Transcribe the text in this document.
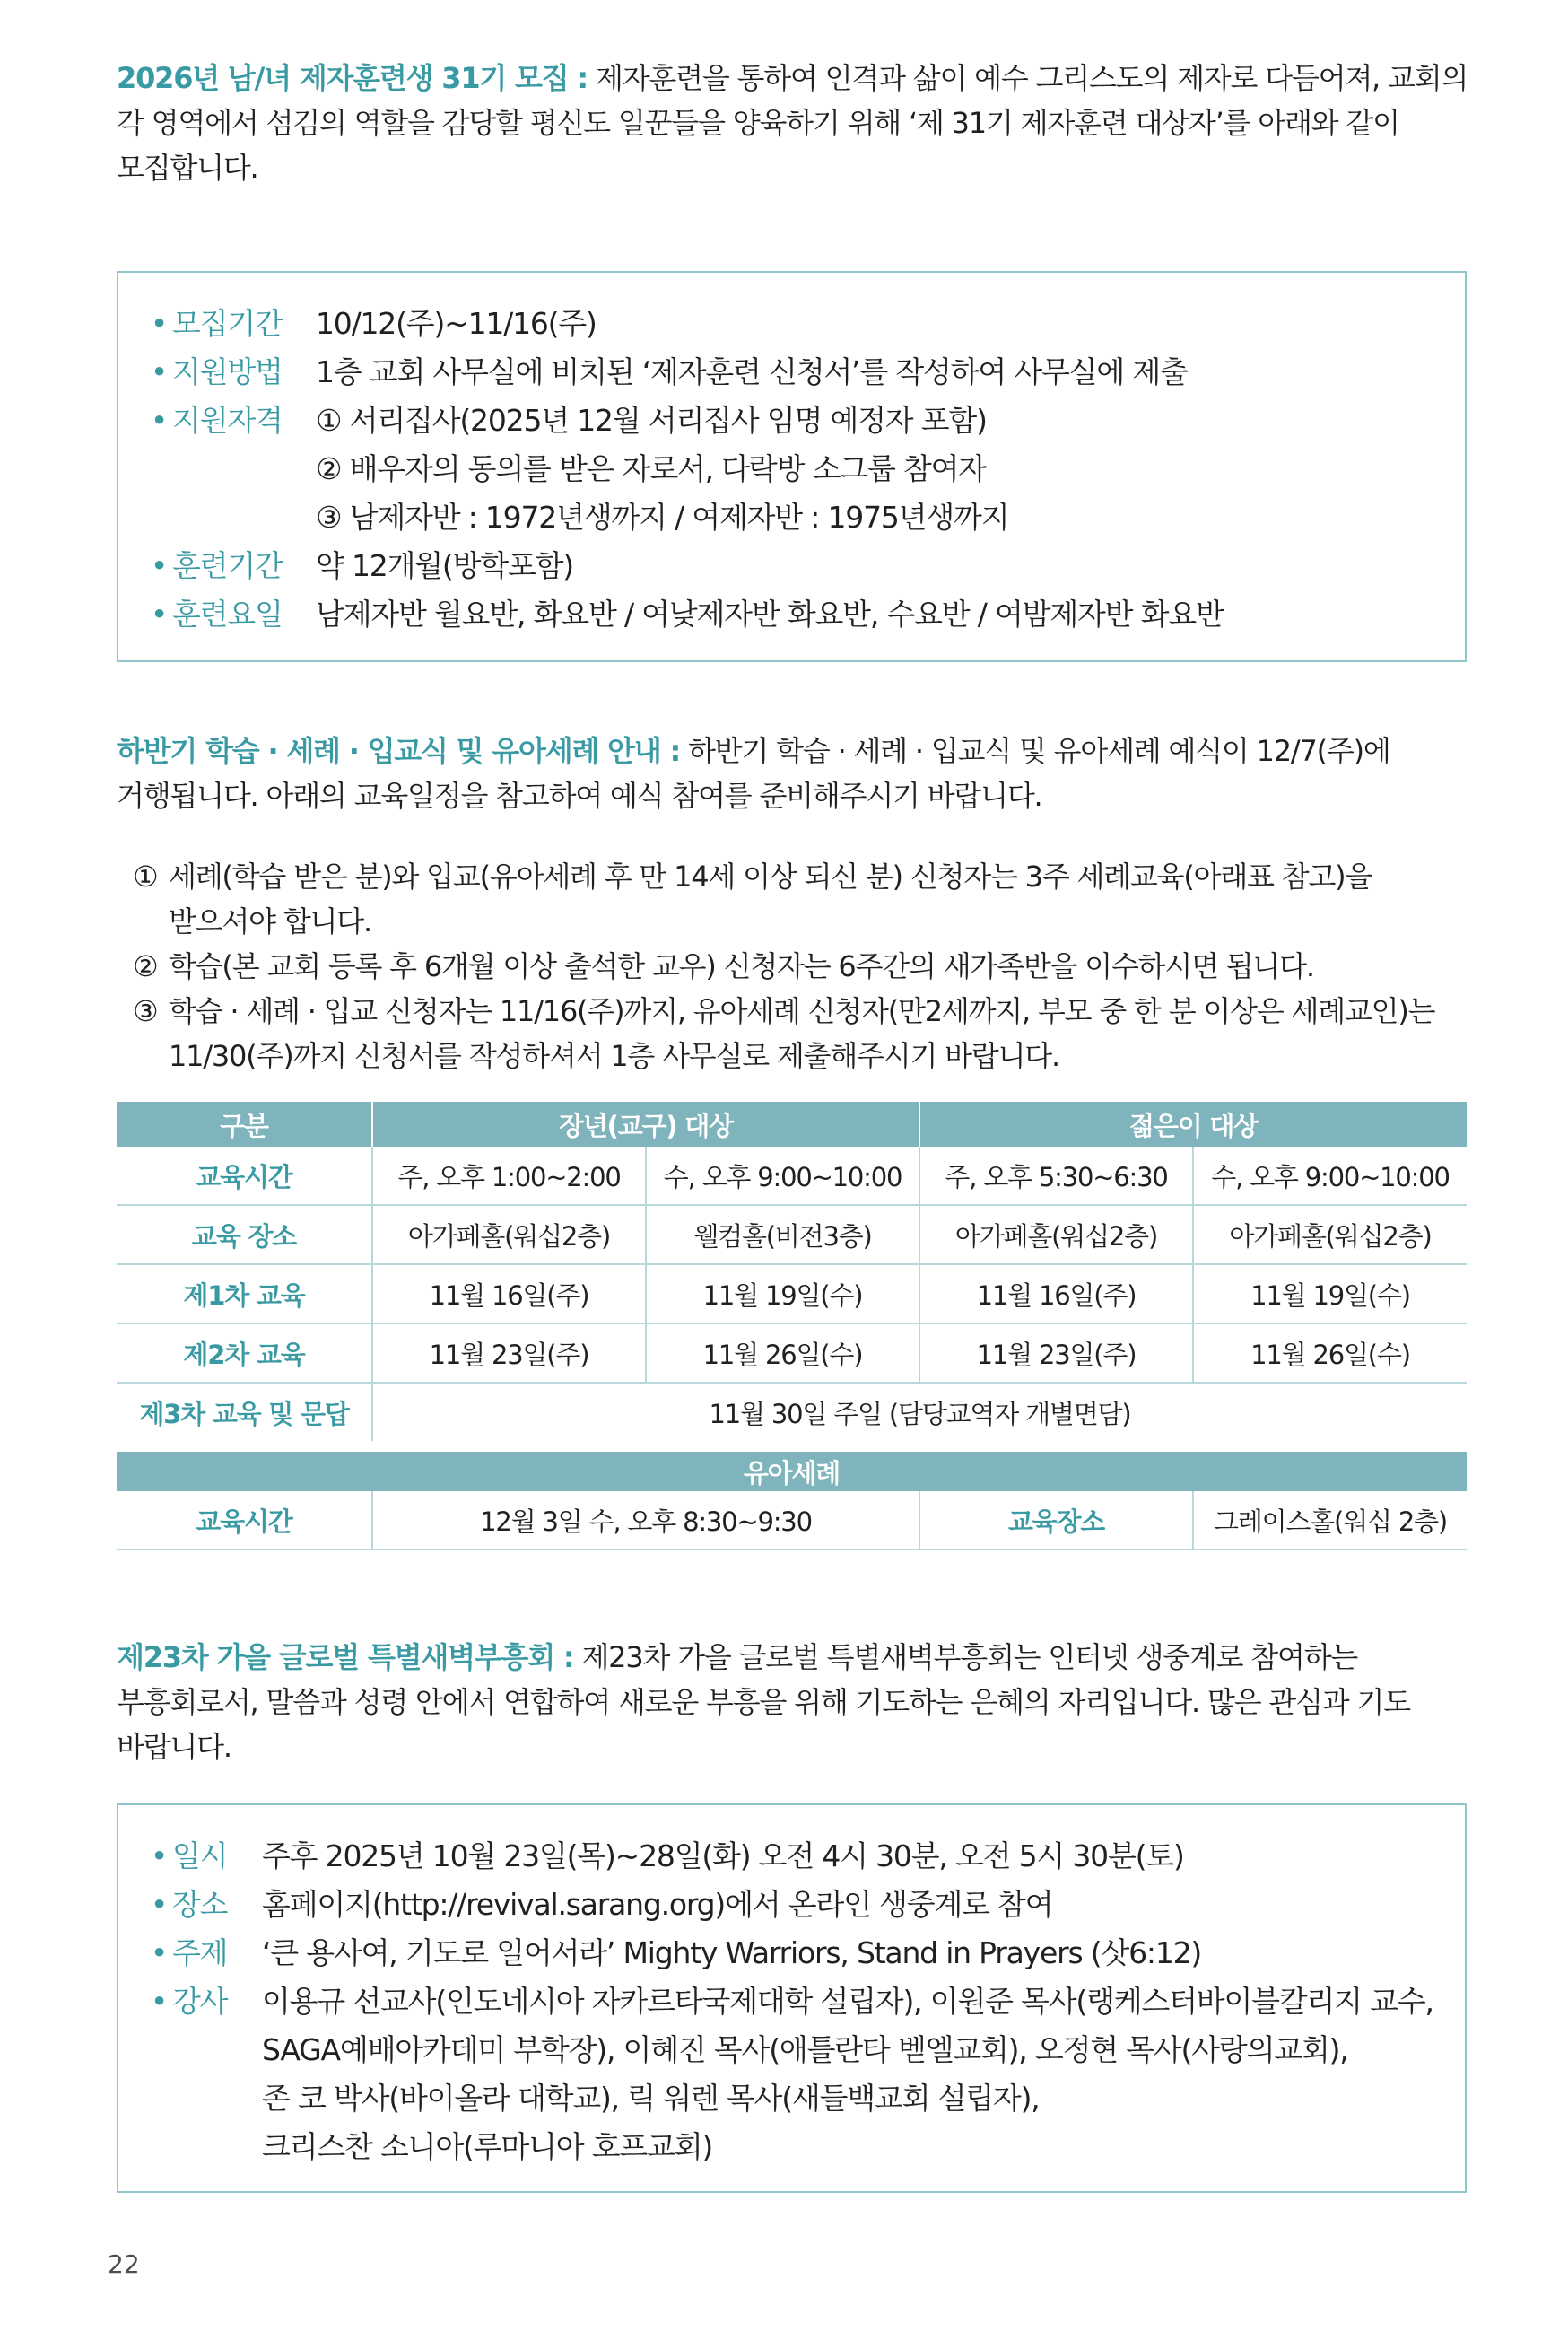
2026년 남/녀 제자훈련생 31기 모집 : 제자훈련을 통하여 인격과 삶이 예수 그리스도의 제자로 다듬어져, 교회의 각 영역에서 섬김의 역할을 감당할 평신도 일꾼들을 양육하기 위해 ‘제 31기 제자훈련 대상자’를 아래와 같이 모집합니다.

• 모집기간	10/12(주)~11/16(주)
• 지원방법	1층 교회 사무실에 비치된 ‘제자훈련 신청서’를 작성하여 사무실에 제출
• 지원자격	① 서리집사(2025년 12월 서리집사 임명 예정자 포함)
② 배우자의 동의를 받은 자로서, 다락방 소그룹 참여자
③ 남제자반 : 1972년생까지 / 여제자반 : 1975년생까지
• 훈련기간	약 12개월(방학포함)
• 훈련요일	남제자반 월요반, 화요반 / 여낮제자반 화요반, 수요반 / 여밤제자반 화요반

하반기 학습 · 세례 · 입교식 및 유아세례 안내 : 하반기 학습 · 세례 · 입교식 및 유아세례 예식이 12/7(주)에 거행됩니다. 아래의 교육일정을 참고하여 예식 참여를 준비해주시기 바랍니다.

① 세례(학습 받은 분)와 입교(유아세례 후 만 14세 이상 되신 분) 신청자는 3주 세례교육(아래표 참고)을 받으셔야 합니다.
② 학습(본 교회 등록 후 6개월 이상 출석한 교우) 신청자는 6주간의 새가족반을 이수하시면 됩니다.
③ 학습 · 세례 · 입교 신청자는 11/16(주)까지, 유아세례 신청자(만2세까지, 부모 중 한 분 이상은 세례교인)는 11/30(주)까지 신청서를 작성하셔서 1층 사무실로 제출해주시기 바랍니다.
구분	장년(교구) 대상		젊은이 대상	
교육시간	주, 오후 1:00~2:00	수, 오후 9:00~10:00	주, 오후 5:30~6:30	수, 오후 9:00~10:00
교육 장소	아가페홀(워십2층)	웰컴홀(비전3층)	아가페홀(워십2층)	아가페홀(워십2층)
제1차 교육	11월 16일(주)	11월 19일(수)	11월 16일(주)	11월 19일(수)
제2차 교육	11월 23일(주)	11월 26일(수)	11월 23일(주)	11월 26일(수)
제3차 교육 및 문답	11월 30일 주일 (담당교역자 개별면담)			
유아세례				
교육시간	12월 3일 수, 오후 8:30~9:30		교육장소	그레이스홀(워십 2층)

제23차 가을 글로벌 특별새벽부흥회 : 제23차 가을 글로벌 특별새벽부흥회는 인터넷 생중계로 참여하는 부흥회로서, 말씀과 성령 안에서 연합하여 새로운 부흥을 위해 기도하는 은혜의 자리입니다. 많은 관심과 기도 바랍니다.

• 일시	주후 2025년 10월 23일(목)~28일(화) 오전 4시 30분, 오전 5시 30분(토)
• 장소	홈페이지(http://revival.sarang.org)에서 온라인 생중계로 참여
• 주제	‘큰 용사여, 기도로 일어서라’ Mighty Warriors, Stand in Prayers (삿6:12)
• 강사	이용규 선교사(인도네시아 자카르타국제대학 설립자), 이원준 목사(랭케스터바이블칼리지 교수,
SAGA예배아카데미 부학장), 이혜진 목사(애틀란타 벧엘교회), 오정현 목사(사랑의교회),
존 코 박사(바이올라 대학교), 릭 워렌 목사(새들백교회 설립자),
크리스찬 소니아(루마니아 호프교회)
22
